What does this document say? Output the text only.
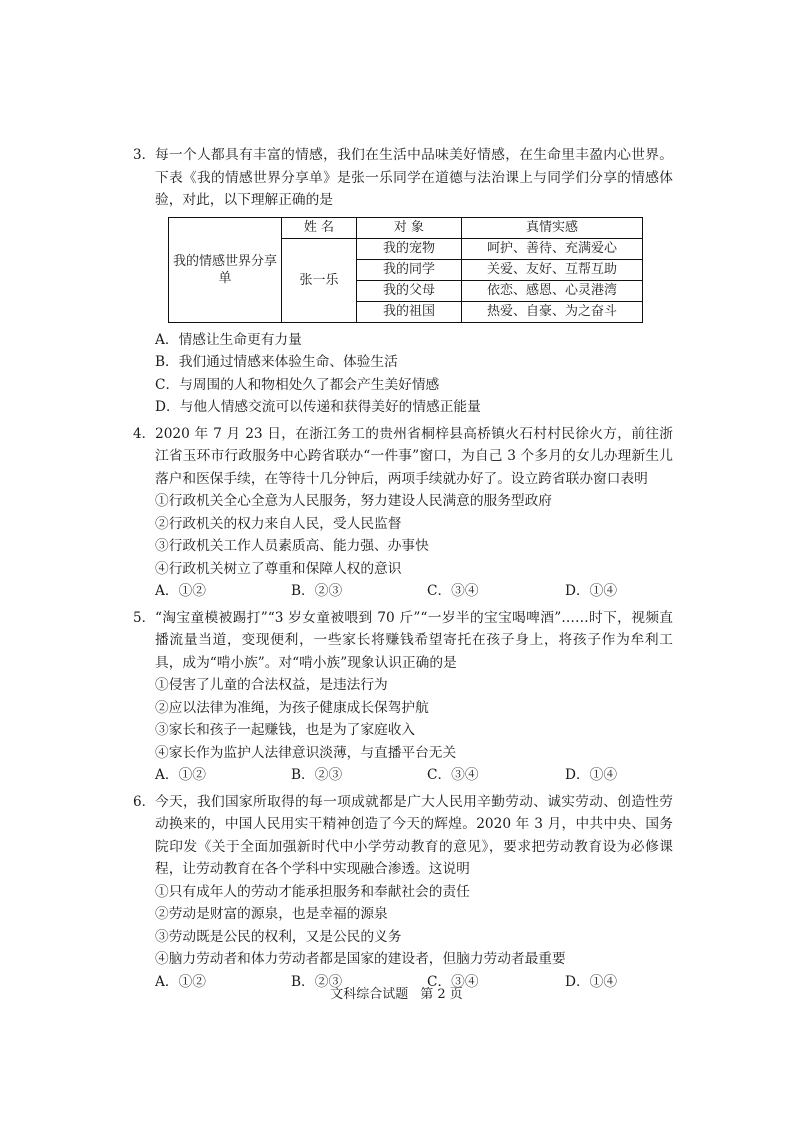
3． 每一个人都具有丰富的情感，我们在生活中品味美好情感，在生命里丰盈内心世界。下表《我的情感世界分享单》是张一乐同学在道德与法治课上与同学们分享的情感体验，对此，以下理解正确的是
我的情感世界分享单	姓 名	对 象	真情实感
	张一乐	我的宠物	呵护、善待、充满爱心
		我的同学	关爱、友好、互帮互助
		我的父母	依恋、感恩、心灵港湾
		我的祖国	热爱、自豪、为之奋斗
A．情感让生命更有力量
B．我们通过情感来体验生命、体验生活
C．与周围的人和物相处久了都会产生美好情感
D．与他人情感交流可以传递和获得美好的情感正能量
4． 2020 年 7 月 23 日，在浙江务工的贵州省桐梓县高桥镇火石村村民徐火方，前往浙江省玉环市行政服务中心跨省联办“一件事”窗口，为自己 3 个多月的女儿办理新生儿落户和医保手续，在等待十几分钟后，两项手续就办好了。设立跨省联办窗口表明
①行政机关全心全意为人民服务，努力建设人民满意的服务型政府
②行政机关的权力来自人民，受人民监督
③行政机关工作人员素质高、能力强、办事快
④行政机关树立了尊重和保障人权的意识
A．①②	B．②③	C．③④	D．①④
5． “淘宝童模被踢打”“3 岁女童被喂到 70 斤”“一岁半的宝宝喝啤酒”……时下，视频直播流量当道，变现便利，一些家长将赚钱希望寄托在孩子身上，将孩子作为牟利工具，成为“啃小族”。对“啃小族”现象认识正确的是
①侵害了儿童的合法权益，是违法行为
②应以法律为准绳，为孩子健康成长保驾护航
③家长和孩子一起赚钱，也是为了家庭收入
④家长作为监护人法律意识淡薄，与直播平台无关
A．①②	B．②③	C．③④	D．①④
6． 今天，我们国家所取得的每一项成就都是广大人民用辛勤劳动、诚实劳动、创造性劳动换来的，中国人民用实干精神创造了今天的辉煌。2020 年 3 月，中共中央、国务院印发《关于全面加强新时代中小学劳动教育的意见》，要求把劳动教育设为必修课程，让劳动教育在各个学科中实现融合渗透。这说明
①只有成年人的劳动才能承担服务和奉献社会的责任
②劳动是财富的源泉，也是幸福的源泉
③劳动既是公民的权利，又是公民的义务
④脑力劳动者和体力劳动者都是国家的建设者，但脑力劳动者最重要
A．①②	B．②③	C．③④	D．①④
文科综合试题 第 2 页
